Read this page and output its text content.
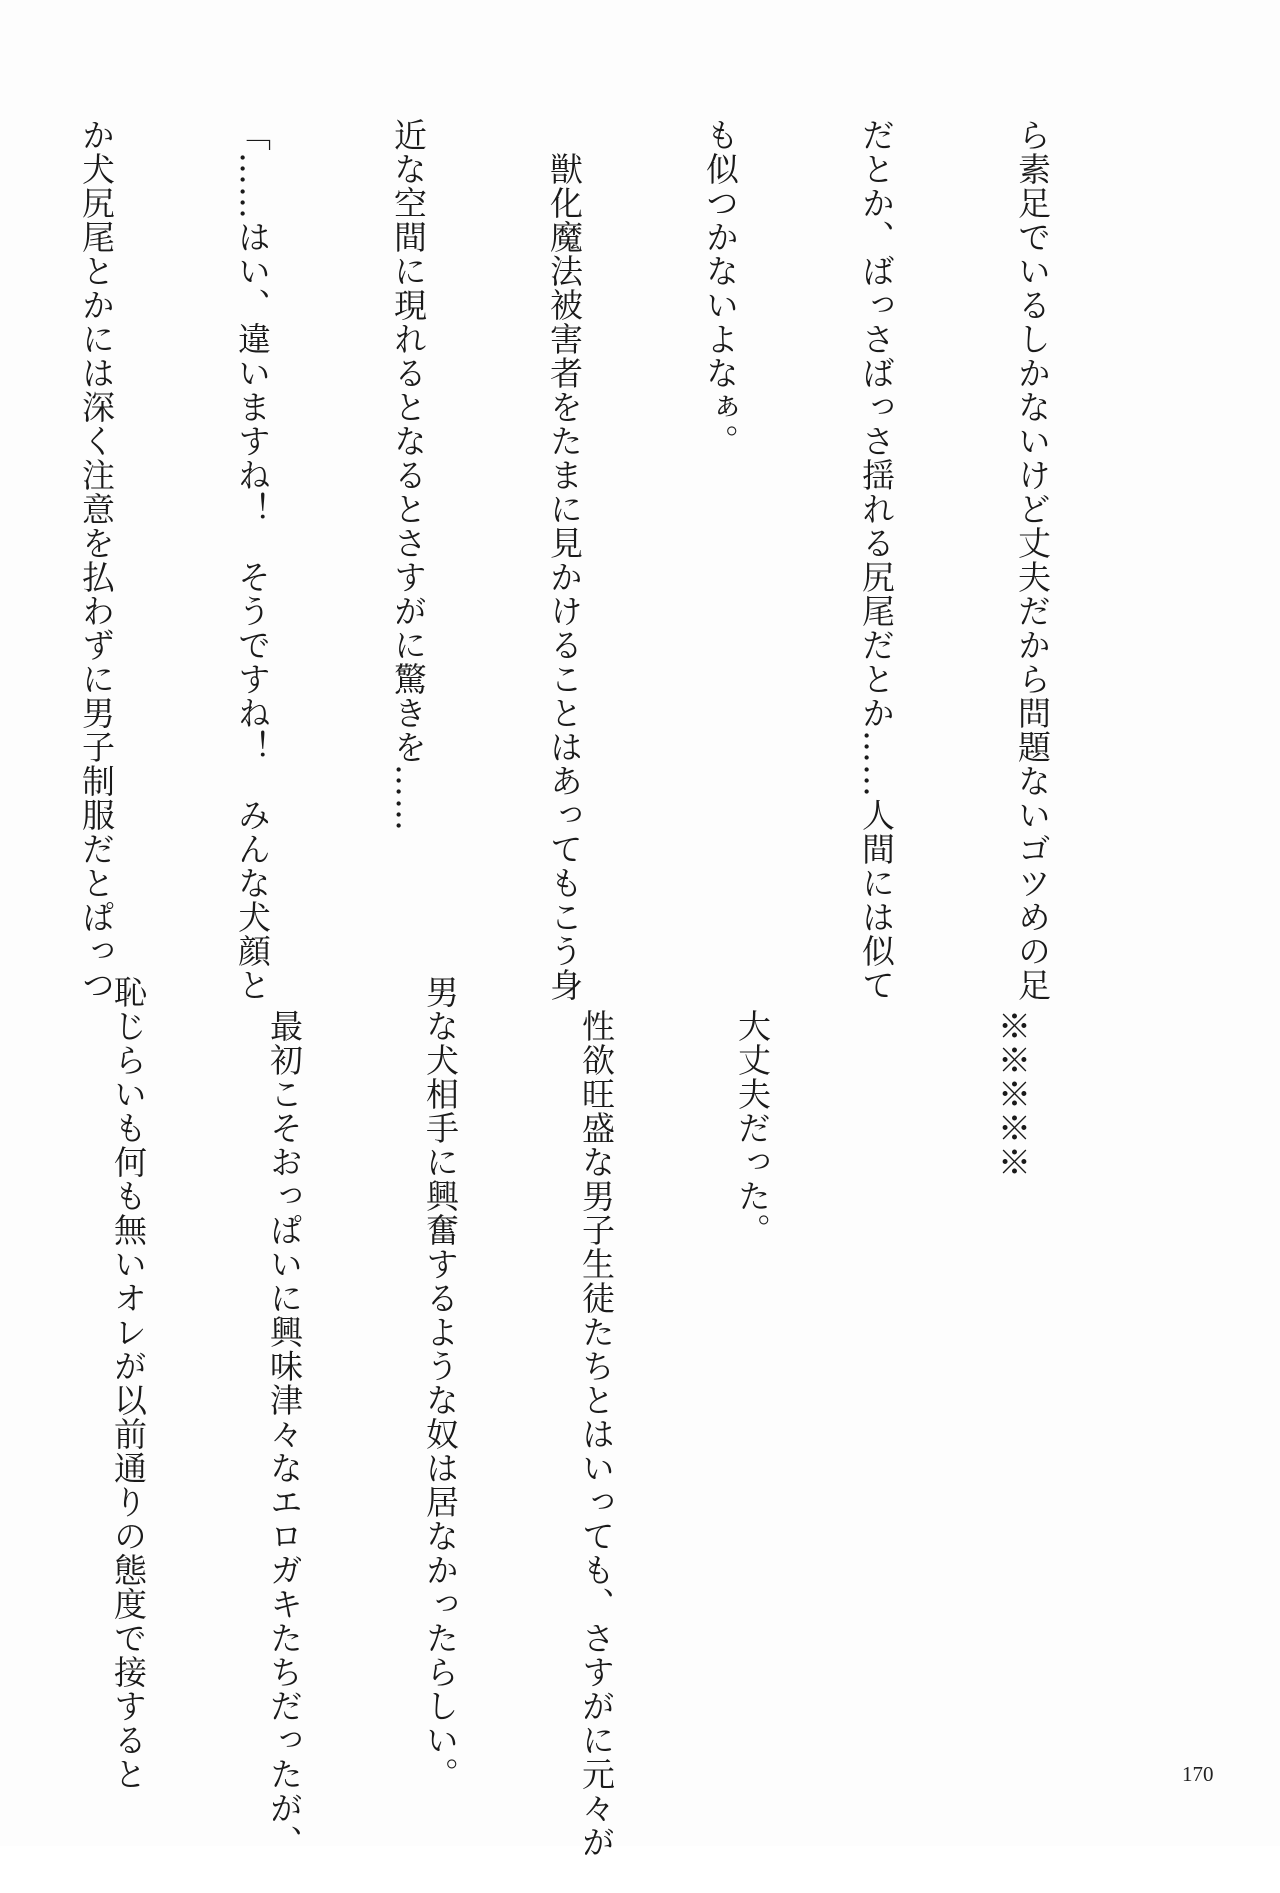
ら素足でいるしかないけど丈夫だから問題ないゴツめの足

だとか、ばっさばっさ揺れる尻尾だとか……人間には似て

も似つかないよなぁ。

　獣化魔法被害者をたまに見かけることはあってもこう身

近な空間に現れるとなるとさすがに驚きを……

「……はい、違いますね！　そうですね！　みんな犬顔と

か犬尻尾とかには深く注意を払わずに男子制服だとぱっつ

　※※※※※

　大丈夫だった。

　性欲旺盛な男子生徒たちとはいっても、さすがに元々が

男な犬相手に興奮するような奴は居なかったらしい。

　最初こそおっぱいに興味津々なエロガキたちだったが、

恥じらいも何も無いオレが以前通りの態度で接すると

	170
